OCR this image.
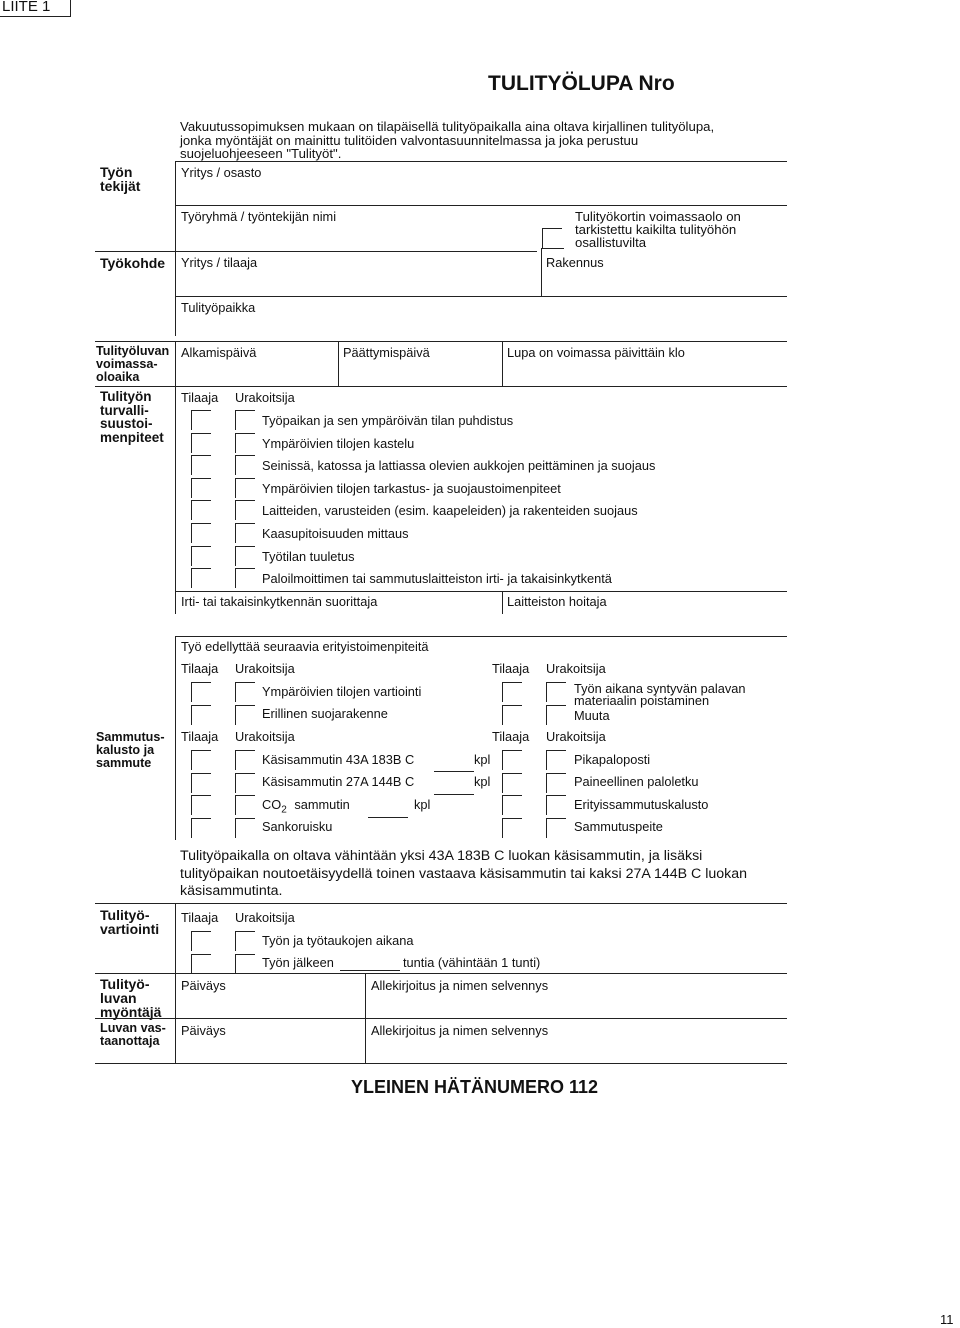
LIITE 1
TULITYÖLUPA Nro
Vakuutussopimuksen mukaan on tilapäisellä tulityöpaikalla aina oltava kirjallinen tulityölupa, jonka myöntäjät on mainittu tulitöiden valvontasuunnitelmassa ja joka perustuu suojeluohjeeseen "Tulityöt".
Työn tekijät
Yritys / osasto
Työryhmä / työntekijän nimi	Tulityökortin voimassaolo on tarkistettu kaikilta tulityöhön osallistuvilta
Työkohde Yritys / tilaaja	Rakennus
Tulityöpaikka
Tulityöluvan voimassa-oloaika
Alkamispäivä	Päättymispäivä	Lupa on voimassa päivittäin klo
Tulityön turvalli-suustoi-menpiteet
Tilaaja Urakoitsija
Työpaikan ja sen ympäröivän tilan puhdistus
Ympäröivien tilojen kastelu
Seinissä, katossa ja lattiassa olevien aukkojen peittäminen ja suojaus
Ympäröivien tilojen tarkastus- ja suojaustoimenpiteet
Laitteiden, varusteiden (esim. kaapeleiden) ja rakenteiden suojaus
Kaasupitoisuuden mittaus
Työtilan tuuletus
Paloilmoittimen tai sammutuslaitteiston irti- ja takaisinkytkentä
Irti- tai takaisinkytkennän suorittaja	Laitteiston hoitaja
Työ edellyttää seuraavia erityistoimenpiteitä
Tilaaja Urakoitsija	Tilaaja Urakoitsija
Ympäröivien tilojen vartiointi
Erillinen suojarakenne
Työn aikana syntyvän palavan
materiaalin poistaminen
Muuta
Sammutus-kalusto ja sammute
Tilaaja Urakoitsija	Tilaaja Urakoitsija
Käsisammutin 43A 183B C	kpl
Käsisammutin 27A 144B C	kpl
$CO_2$ sammutin	kpl
Sankoruisku
Pikapaloposti
Paineellinen paloletku
Erityissammutuskalusto
Sammutuspeite
Tulityöpaikalla on oltava vähintään yksi 43A 183B C luokan käsisammutin, ja lisäksi tulityöpaikan noutoetäisyydellä toinen vastaava käsisammutin tai kaksi 27A 144B C luokan käsisammutinta.
Tulityö-vartiointi
Tilaaja Urakoitsija
Työn ja työtaukojen aikana
Työn jälkeen	tuntia (vähintään 1 tunti)
Tulityö-luvan myöntäjä
Päiväys	Allekirjoitus ja nimen selvennys
Luvan vas-taanottaja
Päiväys	Allekirjoitus ja nimen selvennys
YLEINEN HÄTÄNUMERO 112
11
